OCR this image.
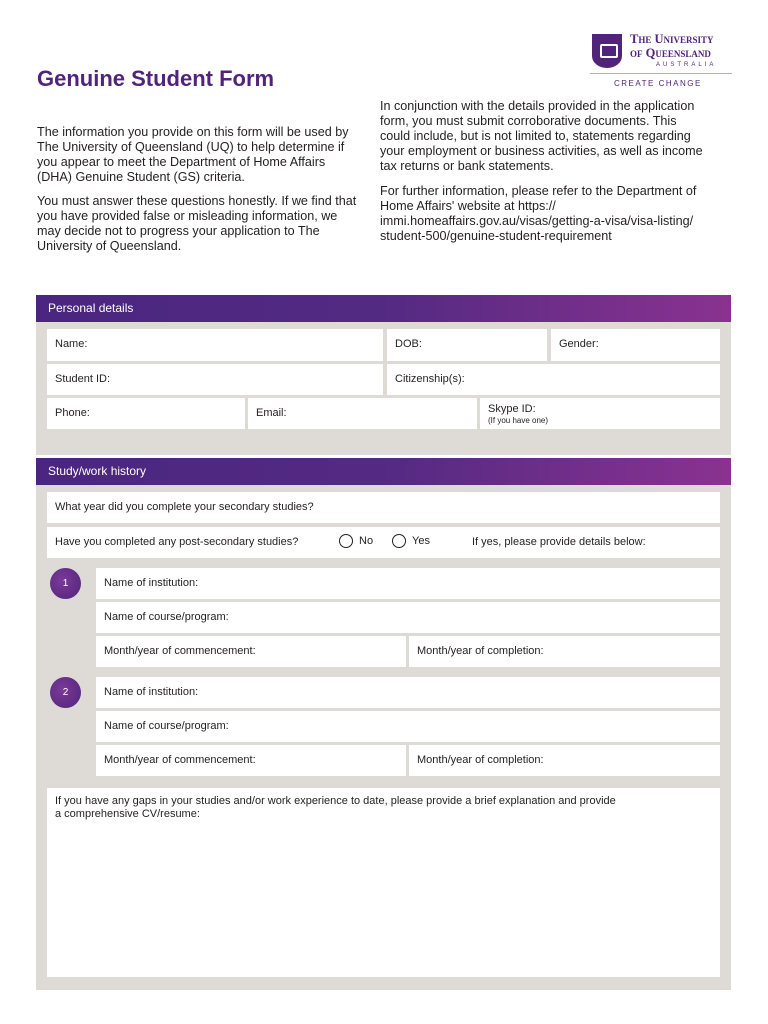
The University
of Queensland
AUSTRALIA
CREATE CHANGE
Genuine Student Form

The information you provide on this form will be used by The University of Queensland (UQ) to help determine if you appear to meet the Department of Home Affairs (DHA) Genuine Student (GS) criteria.

You must answer these questions honestly. If we find that you have provided false or misleading information, we may decide not to progress your application to The University of Queensland.

In conjunction with the details provided in the application form, you must submit corroborative documents. This could include, but is not limited to, statements regarding your employment or business activities, as well as income tax returns or bank statements.

For further information, please refer to the Department of Home Affairs' website at https:// immi.homeaffairs.gov.au/visas/getting-a-visa/visa-listing/ student-500/genuine-student-requirement

Personal details
Name:	DOB:	Gender:
Student ID:	Citizenship(s):
Phone:	Email:	Skype ID:
(If you have one)
Study/work history
What year did you complete your secondary studies?
Have you completed any post-secondary studies?	No	Yes	If yes, please provide details below:
1	Name of institution:
Name of course/program:
Month/year of commencement:	Month/year of completion:
2	Name of institution:
Name of course/program:
Month/year of commencement:	Month/year of completion:
If you have any gaps in your studies and/or work experience to date, please provide a brief explanation and provide a comprehensive CV/resume:
